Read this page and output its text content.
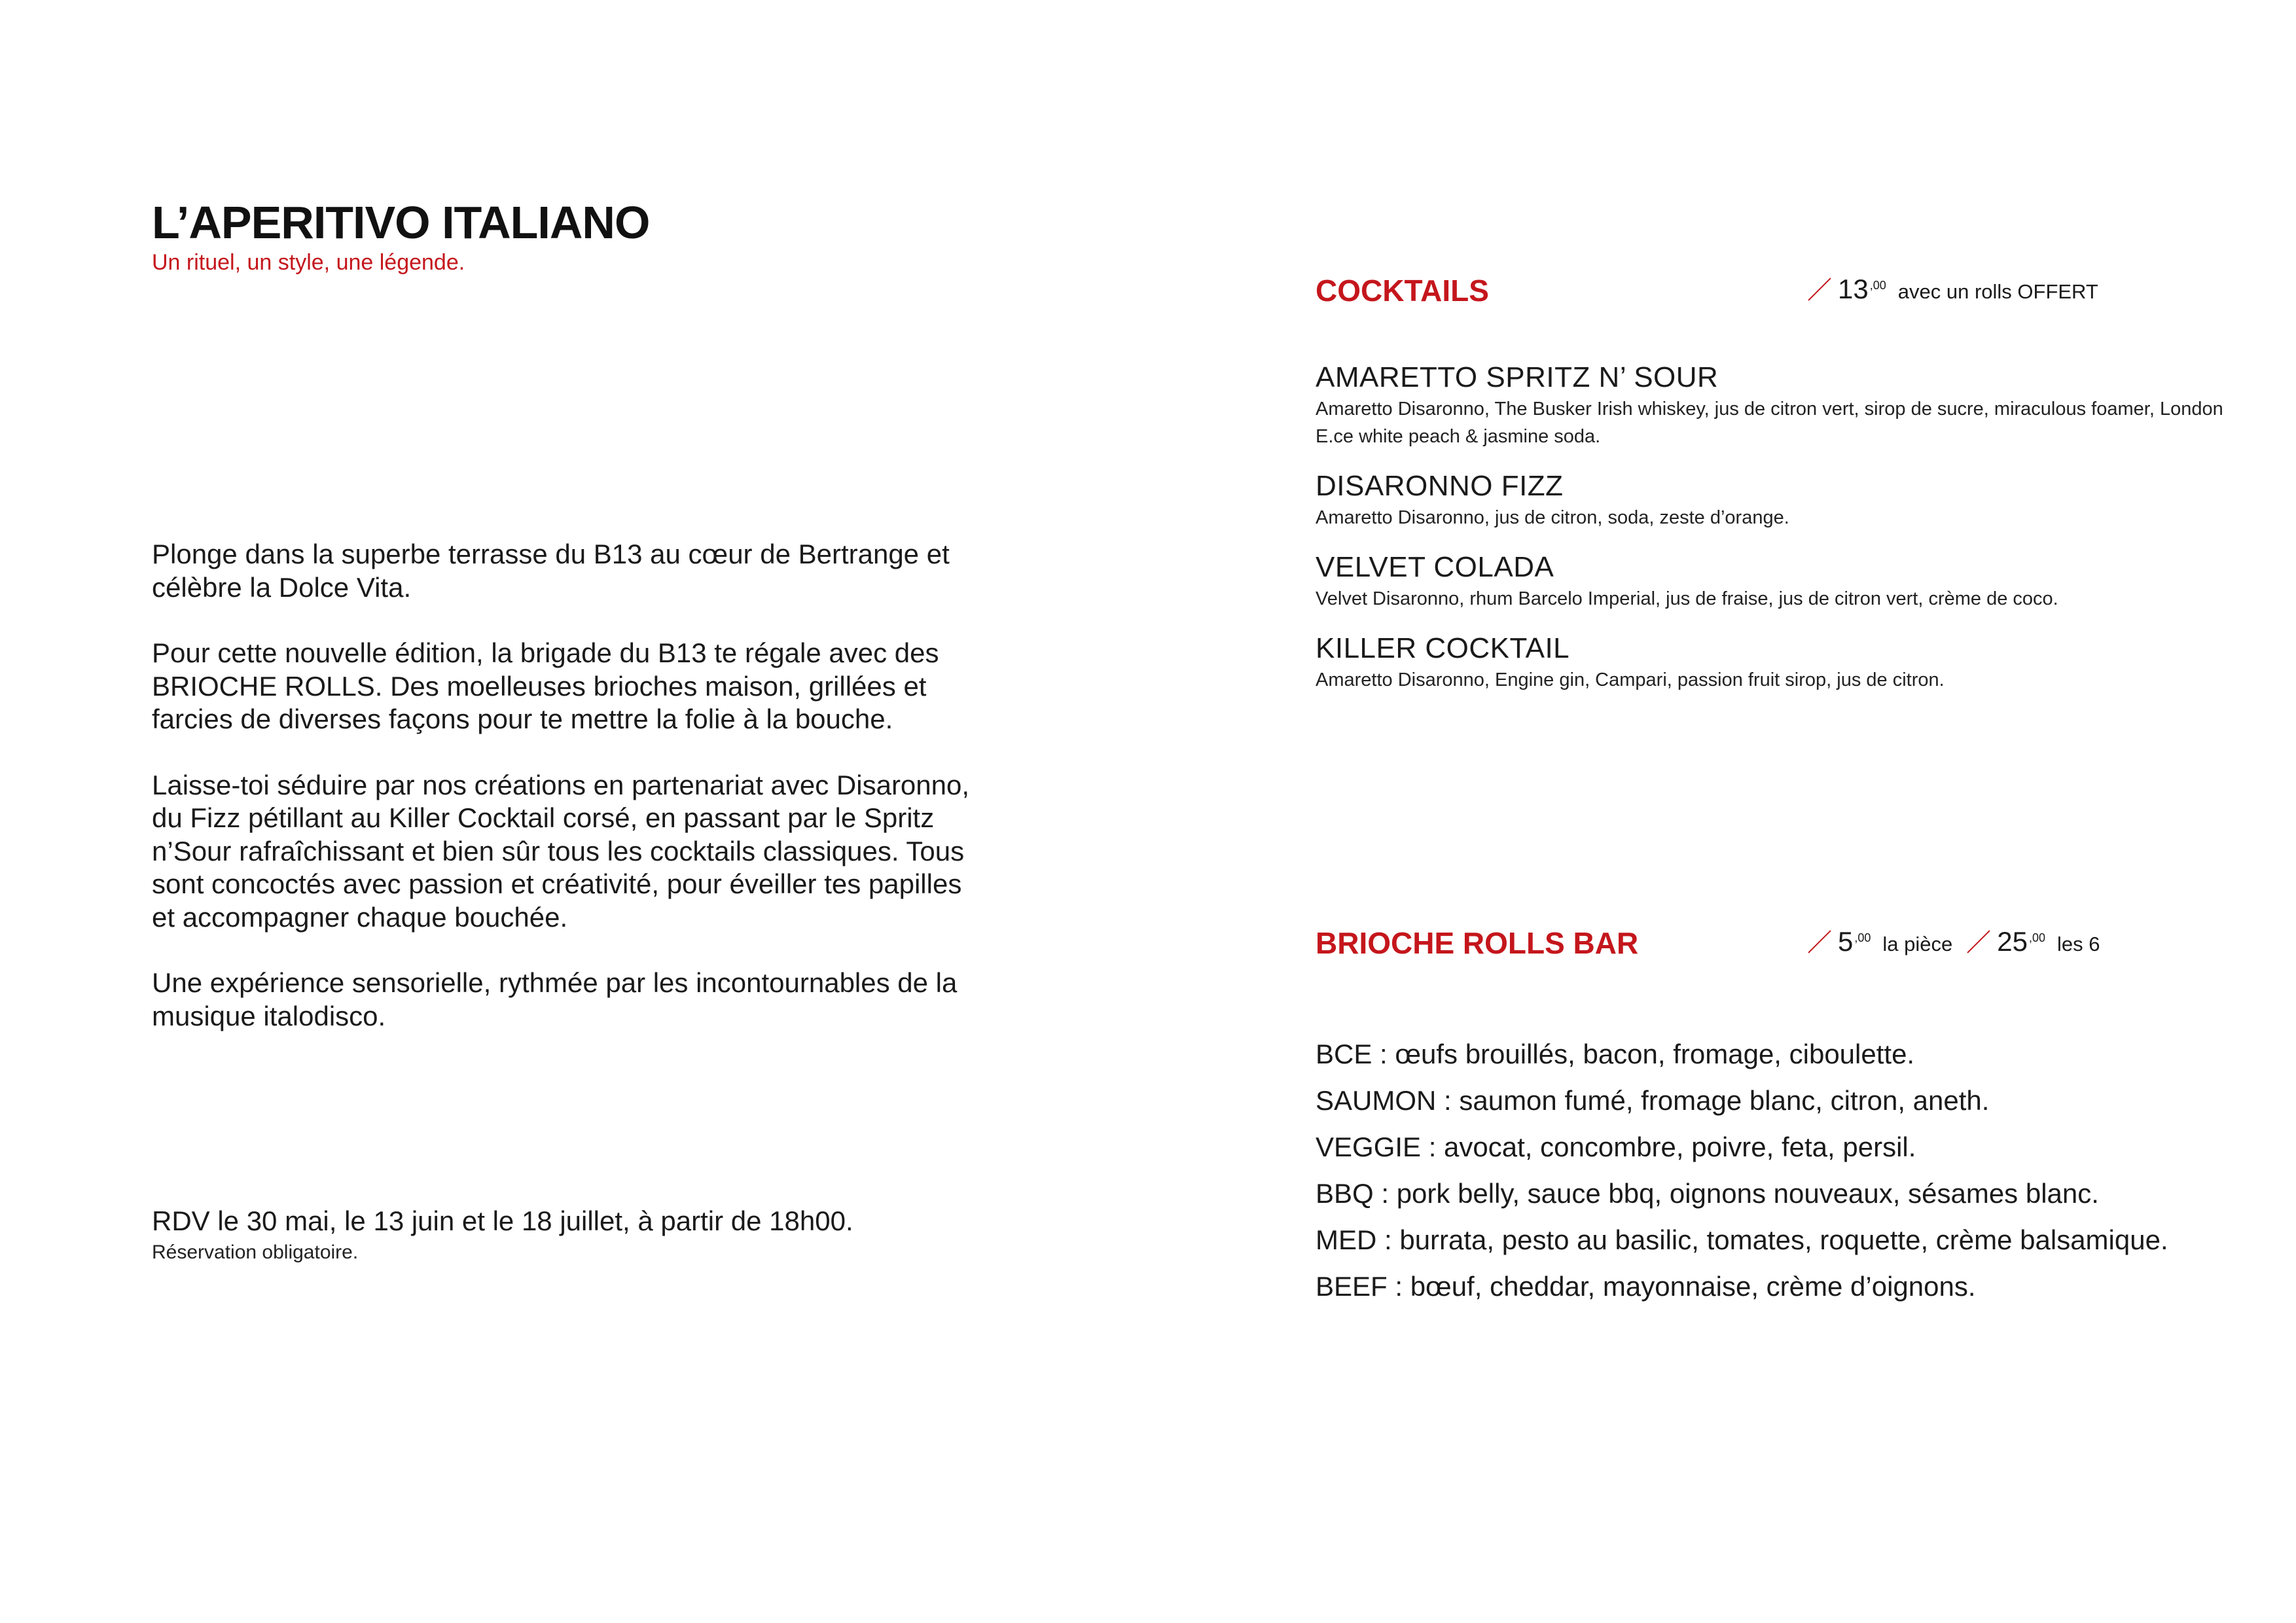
L’APERITIVO ITALIANO

Un rituel, un style, une légende.

Plonge dans la superbe terrasse du B13 au cœur de Bertrange et célèbre la Dolce Vita.

Pour cette nouvelle édition, la brigade du B13 te régale avec des BRIOCHE ROLLS. Des moelleuses brioches maison, grillées et farcies de diverses façons pour te mettre la folie à la bouche.

Laisse-toi séduire par nos créations en partenariat avec Disaronno, du Fizz pétillant au Killer Cocktail corsé, en passant par le Spritz n’Sour rafraîchissant et bien sûr tous les cocktails classiques. Tous sont concoctés avec passion et créativité, pour éveiller tes papilles et accompagner chaque bouchée.

Une expérience sensorielle, rythmée par les incontournables de la musique italodisco.

RDV le 30 mai, le 13 juin et le 18 juillet, à partir de 18h00.

Réservation obligatoire.

COCKTAILS	13 ,00 avec un rolls OFFERT

AMARETTO SPRITZ N’ SOUR

Amaretto Disaronno, The Busker Irish whiskey, jus de citron vert, sirop de sucre, miraculous foamer, London E.ce white peach & jasmine soda.

DISARONNO FIZZ

Amaretto Disaronno, jus de citron, soda, zeste d’orange.

VELVET COLADA

Velvet Disaronno, rhum Barcelo Imperial, jus de fraise, jus de citron vert, crème de coco.

KILLER COCKTAIL

Amaretto Disaronno, Engine gin, Campari, passion fruit sirop, jus de citron.

BRIOCHE ROLLS BAR	5 ,00 la pièce 25 ,00 les 6

BCE : œufs brouillés, bacon, fromage, ciboulette.

SAUMON : saumon fumé, fromage blanc, citron, aneth.

VEGGIE : avocat, concombre, poivre, feta, persil.

BBQ : pork belly, sauce bbq, oignons nouveaux, sésames blanc.

MED : burrata, pesto au basilic, tomates, roquette, crème balsamique.

BEEF : bœuf, cheddar, mayonnaise, crème d’oignons.
